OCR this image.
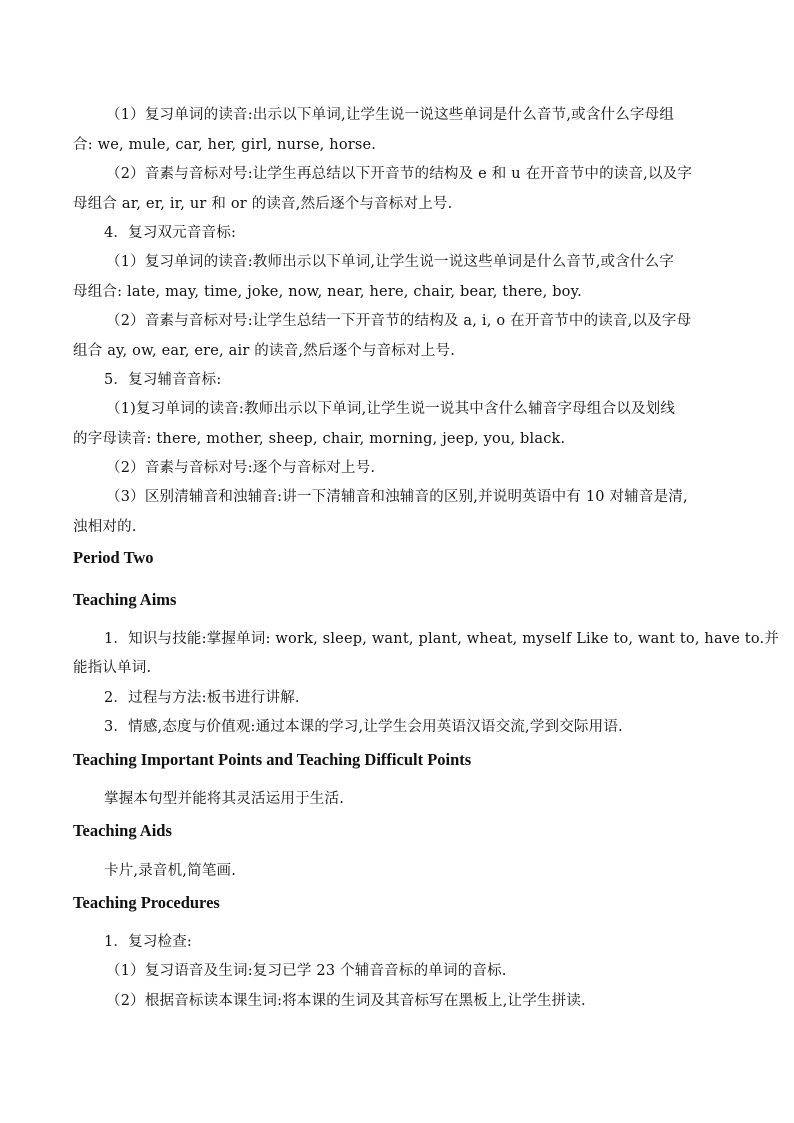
（1）复习单词的读音:出示以下单词,让学生说一说这些单词是什么音节,或含什么字母组
合: we, mule, car, her, girl, nurse, horse.
（2）音素与音标对号:让学生再总结以下开音节的结构及 e 和 u 在开音节中的读音,以及字
母组合 ar, er, ir, ur 和 or 的读音,然后逐个与音标对上号.
4．复习双元音音标:
（1）复习单词的读音:教师出示以下单词,让学生说一说这些单词是什么音节,或含什么字
母组合: late, may, time, joke, now, near, here, chair, bear, there, boy.
（2）音素与音标对号:让学生总结一下开音节的结构及 a, i, o 在开音节中的读音,以及字母
组合 ay, ow, ear, ere, air 的读音,然后逐个与音标对上号.
5．复习辅音音标:
（1)复习单词的读音:教师出示以下单词,让学生说一说其中含什么辅音字母组合以及划线
的字母读音: there, mother, sheep, chair, morning, jeep, you, black.
（2）音素与音标对号:逐个与音标对上号.
（3）区别清辅音和浊辅音:讲一下清辅音和浊辅音的区别,并说明英语中有 10 对辅音是清,
浊相对的.
Period Two
Teaching Aims
1．知识与技能:掌握单词: work, sleep, want, plant, wheat, myself Like to, want to, have to.并
能指认单词.
2．过程与方法:板书进行讲解.
3．情感,态度与价值观:通过本课的学习,让学生会用英语汉语交流,学到交际用语.
Teaching Important Points and Teaching Difficult Points
掌握本句型并能将其灵活运用于生活.
Teaching Aids
卡片,录音机,简笔画.
Teaching Procedures
1．复习检查:
（1）复习语音及生词:复习已学 23 个辅音音标的单词的音标.
（2）根据音标读本课生词:将本课的生词及其音标写在黑板上,让学生拼读.
